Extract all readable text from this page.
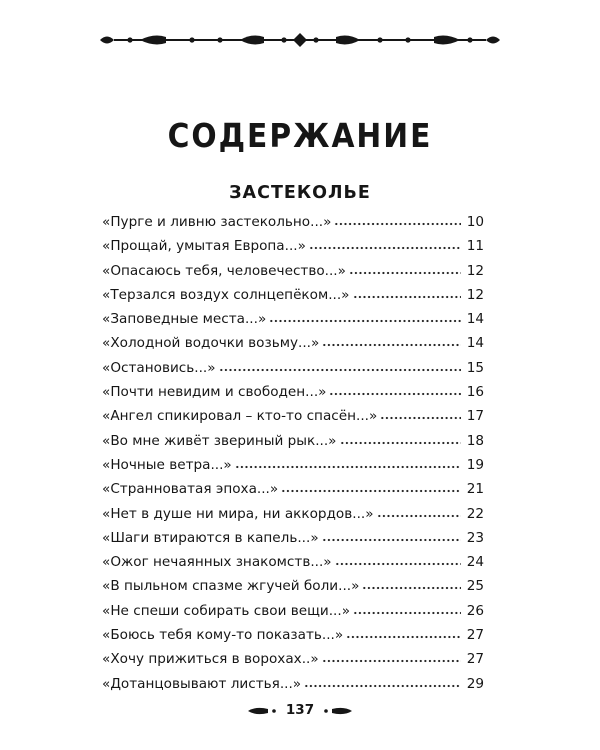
СОДЕРЖАНИЕ
ЗАСТЕКОЛЬЕ
«Пурге и ливню застекольно...»	10
«Прощай, умытая Европа...»	11
«Опасаюсь тебя, человечество...»	12
«Терзался воздух солнцепёком...»	12
«Заповедные места...»	14
«Холодной водочки возьму...»	14
«Остановись...»	15
«Почти невидим и свободен...»	16
«Ангел спикировал – кто-то спасён...»	17
«Во мне живёт звериный рык...»	18
«Ночные ветра...»	19
«Странноватая эпоха...»	21
«Нет в душе ни мира, ни аккордов...»	22
«Шаги втираются в капель...»	23
«Ожог нечаянных знакомств...»	24
«В пыльном спазме жгучей боли...»	25
«Не спеши собирать свои вещи...»	26
«Боюсь тебя кому-то показать...»	27
«Хочу прижиться в ворохах..»	27
«Дотанцовывают листья...»	29
137
